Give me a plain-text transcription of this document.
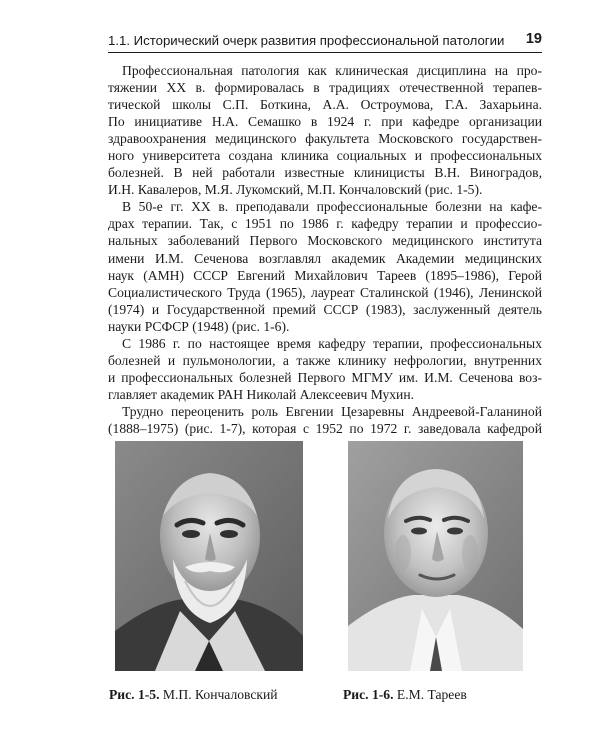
1.1. Исторический очерк развития профессиональной патологии 19

Профессиональная патология как клиническая дисциплина на про-
тяжении XX в. формировалась в традициях отечественной терапев-
тической школы С.П. Боткина, А.А. Остроумова, Г.А. Захарьина.
По инициативе Н.А. Семашко в 1924 г. при кафедре организации
здравоохранения медицинского факультета Московского государствен-
ного университета создана клиника социальных и профессиональных
болезней. В ней работали известные клиницисты В.Н. Виноградов,
И.Н. Кавалеров, М.Я. Лукомский, М.П. Кончаловский (рис. 1-5).

В 50-е гг. XX в. преподавали профессиональные болезни на кафе-
драх терапии. Так, с 1951 по 1986 г. кафедру терапии и профессио-
нальных заболеваний Первого Московского медицинского института
имени И.М. Сеченова возглавлял академик Академии медицинских
наук (АМН) СССР Евгений Михайлович Тареев (1895–1986), Герой
Социалистического Труда (1965), лауреат Сталинской (1946), Ленинской
(1974) и Государственной премий СССР (1983), заслуженный деятель
науки РСФСР (1948) (рис. 1-6).

С 1986 г. по настоящее время кафедру терапии, профессиональных
болезней и пульмонологии, а также клинику нефрологии, внутренних
и профессиональных болезней Первого МГМУ им. И.М. Сеченова воз-
главляет академик РАН Николай Алексеевич Мухин.

Трудно переоценить роль Евгении Цезаревны Андреевой-Галаниной
(1888–1975) (рис. 1-7), которая с 1952 по 1972 г. заведовала кафедрой

Рис. 1-5. М.П. Кончаловский	Рис. 1-6. Е.М. Тареев
